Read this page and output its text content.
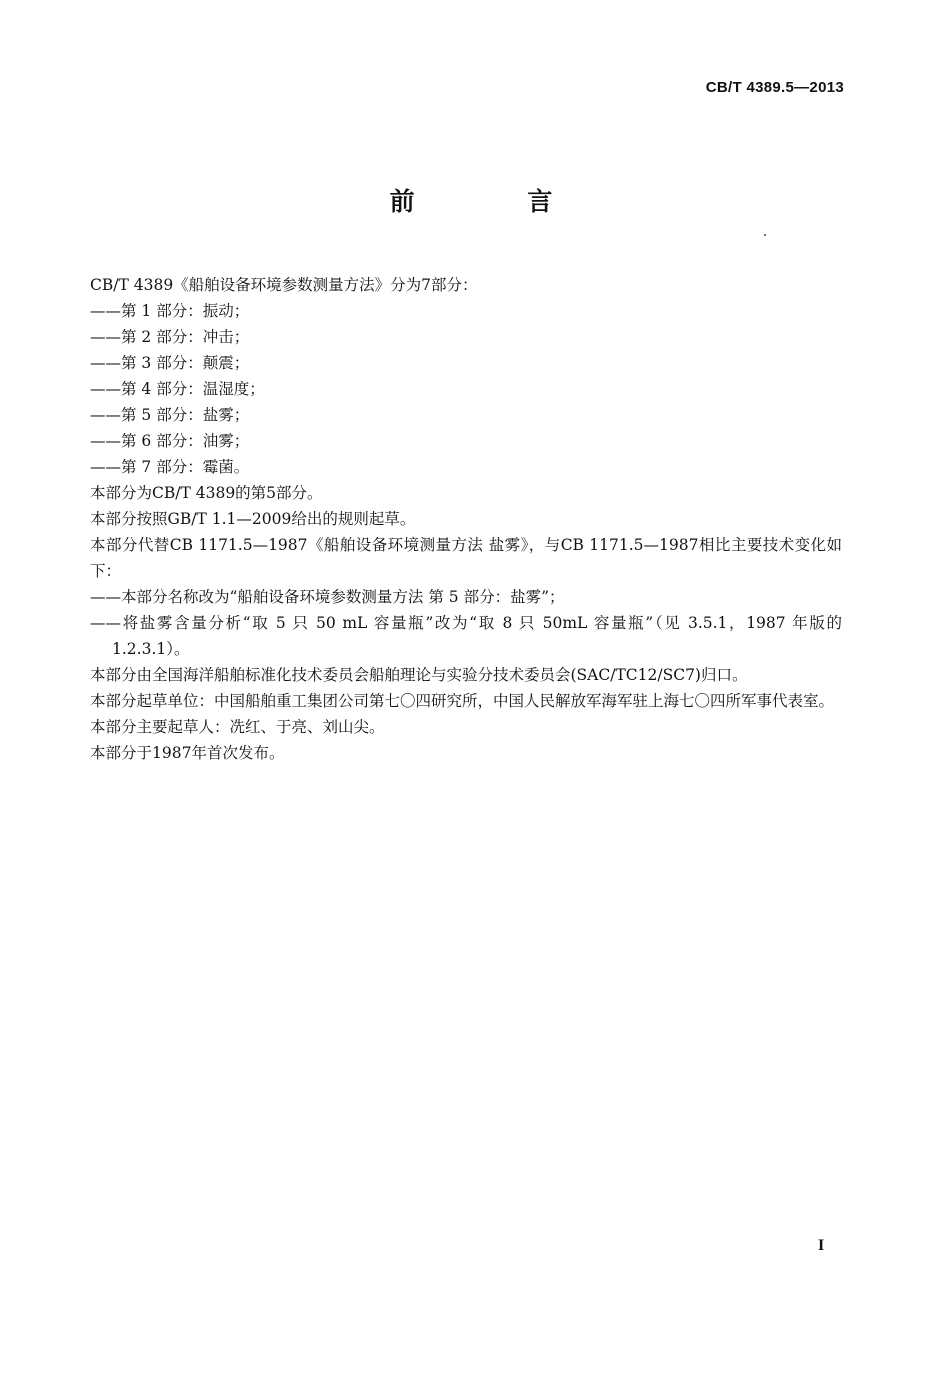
CB/T 4389.5—2013
前 言

CB/T 4389《船舶设备环境参数测量方法》分为7部分：

——第 1 部分：振动；

——第 2 部分：冲击；

——第 3 部分：颠震；

——第 4 部分：温湿度；

——第 5 部分：盐雾；

——第 6 部分：油雾；

——第 7 部分：霉菌。

本部分为CB/T 4389的第5部分。

本部分按照GB/T 1.1—2009给出的规则起草。

本部分代替CB 1171.5—1987《船舶设备环境测量方法 盐雾》，与CB 1171.5—1987相比主要技术变化如下：

——本部分名称改为“船舶设备环境参数测量方法 第 5 部分：盐雾”；

——将盐雾含量分析“取 5 只 50 mL 容量瓶”改为“取 8 只 50mL 容量瓶”（见 3.5.1，1987 年版的 1.2.3.1）。

本部分由全国海洋船舶标准化技术委员会船舶理论与实验分技术委员会(SAC/TC12/SC7)归口。

本部分起草单位：中国船舶重工集团公司第七〇四研究所，中国人民解放军海军驻上海七〇四所军事代表室。

本部分主要起草人：冼红、于亮、刘山尖。

本部分于1987年首次发布。

I
